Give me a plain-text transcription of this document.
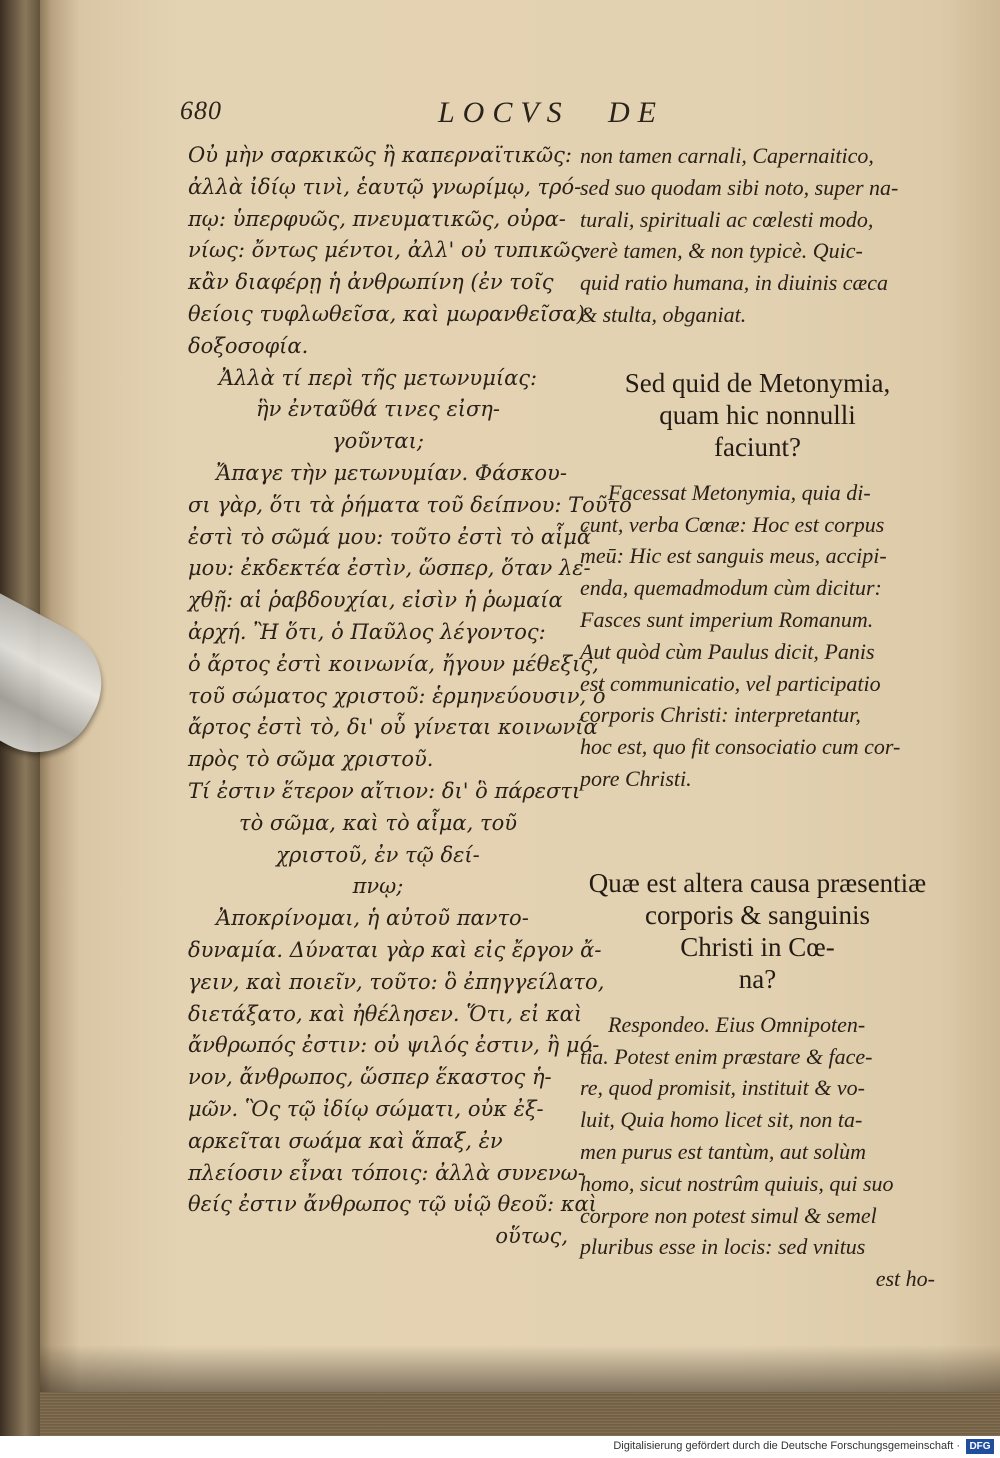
680	LOCVS DE
Οὐ μὴν σαρκικῶς ἢ καπερναϊτικῶς:
ἀλλὰ ἰδίῳ τινὶ, ἑαυτῷ γνωρίμῳ, τρό-
πῳ: ὑπερφυῶς, πνευματικῶς, οὐρα-
νίως: ὄντως μέντοι, ἀλλ' οὐ τυπικῶς:
κἂν διαφέρῃ ἡ ἀνθρωπίνη (ἐν τοῖς
θείοις τυφλωθεῖσα, καὶ μωρανθεῖσα)
δοξοσοφία.
Ἀλλὰ τί περὶ τῆς μετωνυμίας:
ἣν ἐνταῦθά τινες εἰση-
γοῦνται;
Ἄπαγε τὴν μετωνυμίαν. Φάσκου-
σι γὰρ, ὅτι τὰ ῥήματα τοῦ δείπνου: Τοῦτο
ἐστὶ τὸ σῶμά μου: τοῦτο ἐστὶ τὸ αἷμά
μου: ἐκδεκτέα ἐστὶν, ὥσπερ, ὅταν λε-
χθῇ: αἱ ῥαβδουχίαι, εἰσὶν ἡ ῥωμαία
ἀρχή. Ἢ ὅτι, ὁ Παῦλος λέγοντος:
ὁ ἄρτος ἐστὶ κοινωνία, ἤγουν μέθεξις,
τοῦ σώματος χριστοῦ: ἑρμηνεύουσιν, ὁ
ἄρτος ἐστὶ τὸ, δι' οὗ γίνεται κοινωνία
πρὸς τὸ σῶμα χριστοῦ.
Τί ἐστιν ἕτερον αἴτιον: δι' ὃ πάρεστι
τὸ σῶμα, καὶ τὸ αἷμα, τοῦ
χριστοῦ, ἐν τῷ δεί-
πνῳ;
Ἀποκρίνομαι, ἡ αὐτοῦ παντο-
δυναμία. Δύναται γὰρ καὶ εἰς ἔργον ἄ-
γειν, καὶ ποιεῖν, τοῦτο: ὃ ἐπηγγείλατο,
διετάξατο, καὶ ἠθέλησεν. Ὅτι, εἰ καὶ
ἄνθρωπός ἐστιν: οὐ ψιλός ἐστιν, ἢ μό-
νον, ἄνθρωπος, ὥσπερ ἕκαστος ἡ-
μῶν. Ὃς τῷ ἰδίῳ σώματι, οὐκ ἐξ-
αρκεῖται σωάμα καὶ ἅπαξ, ἐν
πλείοσιν εἶναι τόποις: ἀλλὰ συνενω-
θείς ἐστιν ἄνθρωπος τῷ υἱῷ θεοῦ: καὶ
οὕτως,
non tamen carnali, Capernaitico,
sed suo quodam sibi noto, super na-
turali, spirituali ac cœlesti modo,
verè tamen, & non typicè. Quic-
quid ratio humana, in diuinis cæca
& stulta, obganiat.
Sed quid de Metonymia,
quam hic nonnulli
faciunt?
Facessat Metonymia, quia di-
cunt, verba Cœnæ: Hoc est corpus
meū: Hic est sanguis meus, accipi-
enda, quemadmodum cùm dicitur:
Fasces sunt imperium Romanum.
Aut quòd cùm Paulus dicit, Panis
est communicatio, vel participatio
corporis Christi: interpretantur,
hoc est, quo fit consociatio cum cor-
pore Christi.
Quæ est altera causa præsentiæ
corporis & sanguinis
Christi in Cœ-
na?
Respondeo. Eius Omnipoten-
tia. Potest enim præstare & face-
re, quod promisit, instituit & vo-
luit, Quia homo licet sit, non ta-
men purus est tantùm, aut solùm
homo, sicut nostrûm quiuis, qui suo
corpore non potest simul & semel
pluribus esse in locis: sed vnitus
est ho-
Digitalisierung gefördert durch die Deutsche Forschungsgemeinschaft · DFG
